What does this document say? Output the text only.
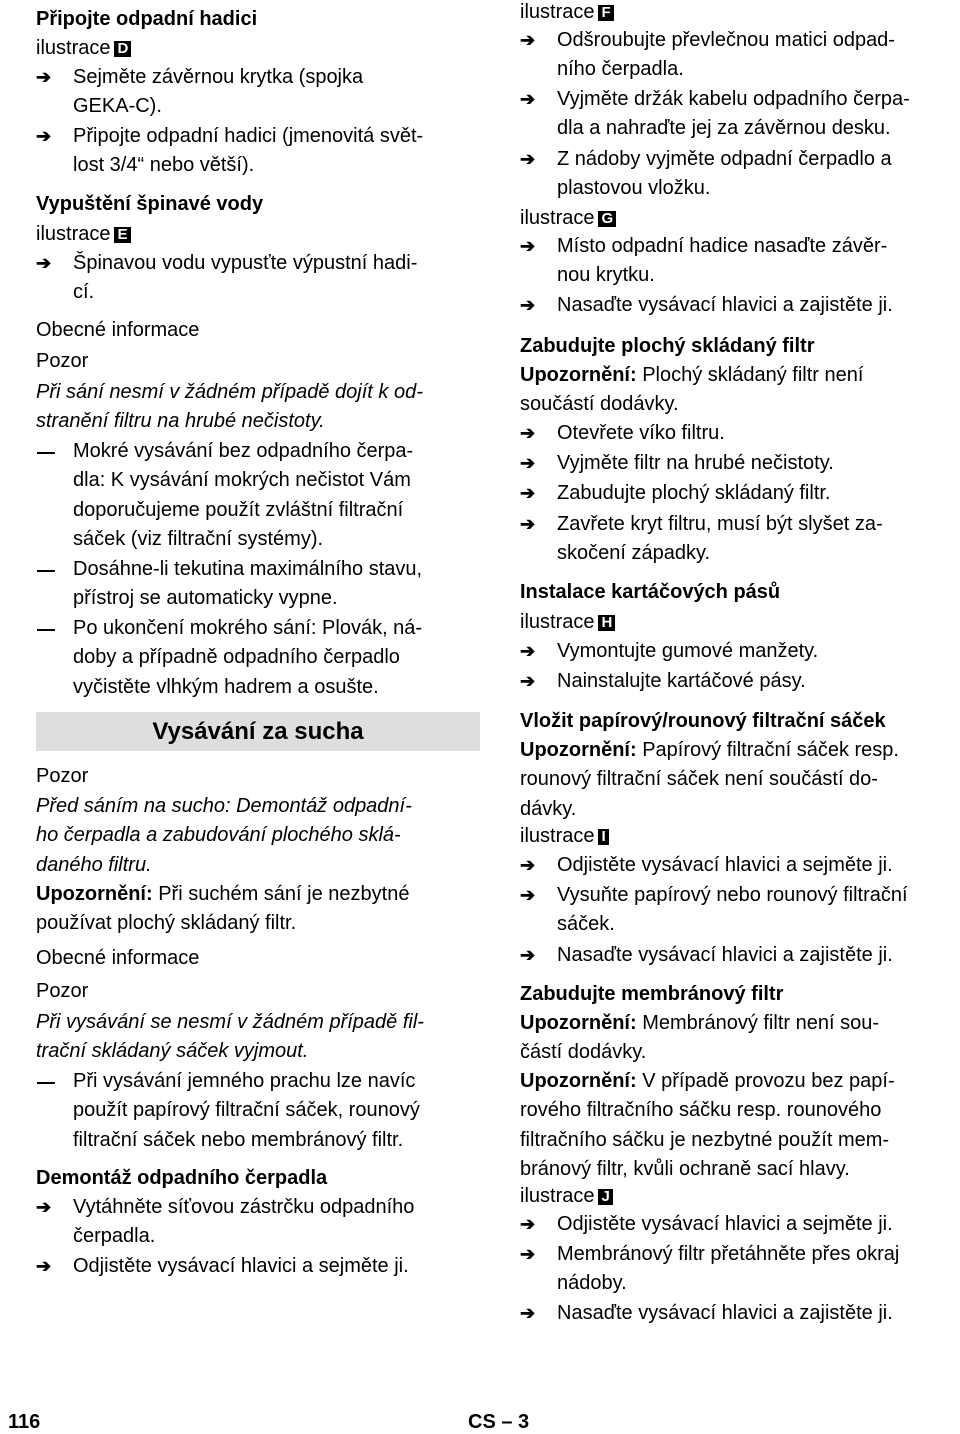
Připojte odpadní hadici
ilustrace D
➔ Sejměte závěrnou krytka (spojka
GEKA-C).
➔ Připojte odpadní hadici (jmenovitá svět-
lost 3/4“ nebo větší).
Vypuštění špinavé vody
ilustrace E
➔ Špinavou vodu vypusťte výpustní hadi-
cí.
Obecné informace
Pozor
Při sání nesmí v žádném případě dojít k od-
stranění filtru na hrubé nečistoty.
Mokré vysávání bez odpadního čerpa-
dla: K vysávání mokrých nečistot Vám
doporučujeme použít zvláštní filtrační
sáček (viz filtrační systémy).
Dosáhne-li tekutina maximálního stavu,
přístroj se automaticky vypne.
Po ukončení mokrého sání: Plovák, ná-
doby a případně odpadního čerpadlo
vyčistěte vlhkým hadrem a osušte.
Vysávání za sucha
Pozor
Před sáním na sucho: Demontáž odpadní-
ho čerpadla a zabudování plochého sklá-
daného filtru.
Upozornění: Při suchém sání je nezbytné
používat plochý skládaný filtr.
Obecné informace
Pozor
Při vysávání se nesmí v žádném případě fil-
trační skládaný sáček vyjmout.
Při vysávání jemného prachu lze navíc
použít papírový filtrační sáček, rounový
filtrační sáček nebo membránový filtr.
Demontáž odpadního čerpadla
➔ Vytáhněte síťovou zástrčku odpadního
čerpadla.
➔ Odjistěte vysávací hlavici a sejměte ji.
ilustrace F
➔ Odšroubujte převlečnou matici odpad-
ního čerpadla.
➔ Vyjměte držák kabelu odpadního čerpa-
dla a nahraďte jej za závěrnou desku.
➔ Z nádoby vyjměte odpadní čerpadlo a
plastovou vložku.
ilustrace G
➔ Místo odpadní hadice nasaďte závěr-
nou krytku.
➔ Nasaďte vysávací hlavici a zajistěte ji.
Zabudujte plochý skládaný filtr
Upozornění: Plochý skládaný filtr není
součástí dodávky.
➔ Otevřete víko filtru.
➔ Vyjměte filtr na hrubé nečistoty.
➔ Zabudujte plochý skládaný filtr.
➔ Zavřete kryt filtru, musí být slyšet za-
skočení západky.
Instalace kartáčových pásů
ilustrace H
➔ Vymontujte gumové manžety.
➔ Nainstalujte kartáčové pásy.
Vložit papírový/rounový filtrační sáček
Upozornění: Papírový filtrační sáček resp.
rounový filtrační sáček není součástí do-
dávky.
ilustrace I
➔ Odjistěte vysávací hlavici a sejměte ji.
➔ Vysuňte papírový nebo rounový filtrační
sáček.
➔ Nasaďte vysávací hlavici a zajistěte ji.
Zabudujte membránový filtr
Upozornění: Membránový filtr není sou-
částí dodávky.
Upozornění: V případě provozu bez papí-
rového filtračního sáčku resp. rounového
filtračního sáčku je nezbytné použít mem-
bránový filtr, kvůli ochraně sací hlavy.
ilustrace J
➔ Odjistěte vysávací hlavici a sejměte ji.
➔ Membránový filtr přetáhněte přes okraj
nádoby.
➔ Nasaďte vysávací hlavici a zajistěte ji.
116	CS – 3
